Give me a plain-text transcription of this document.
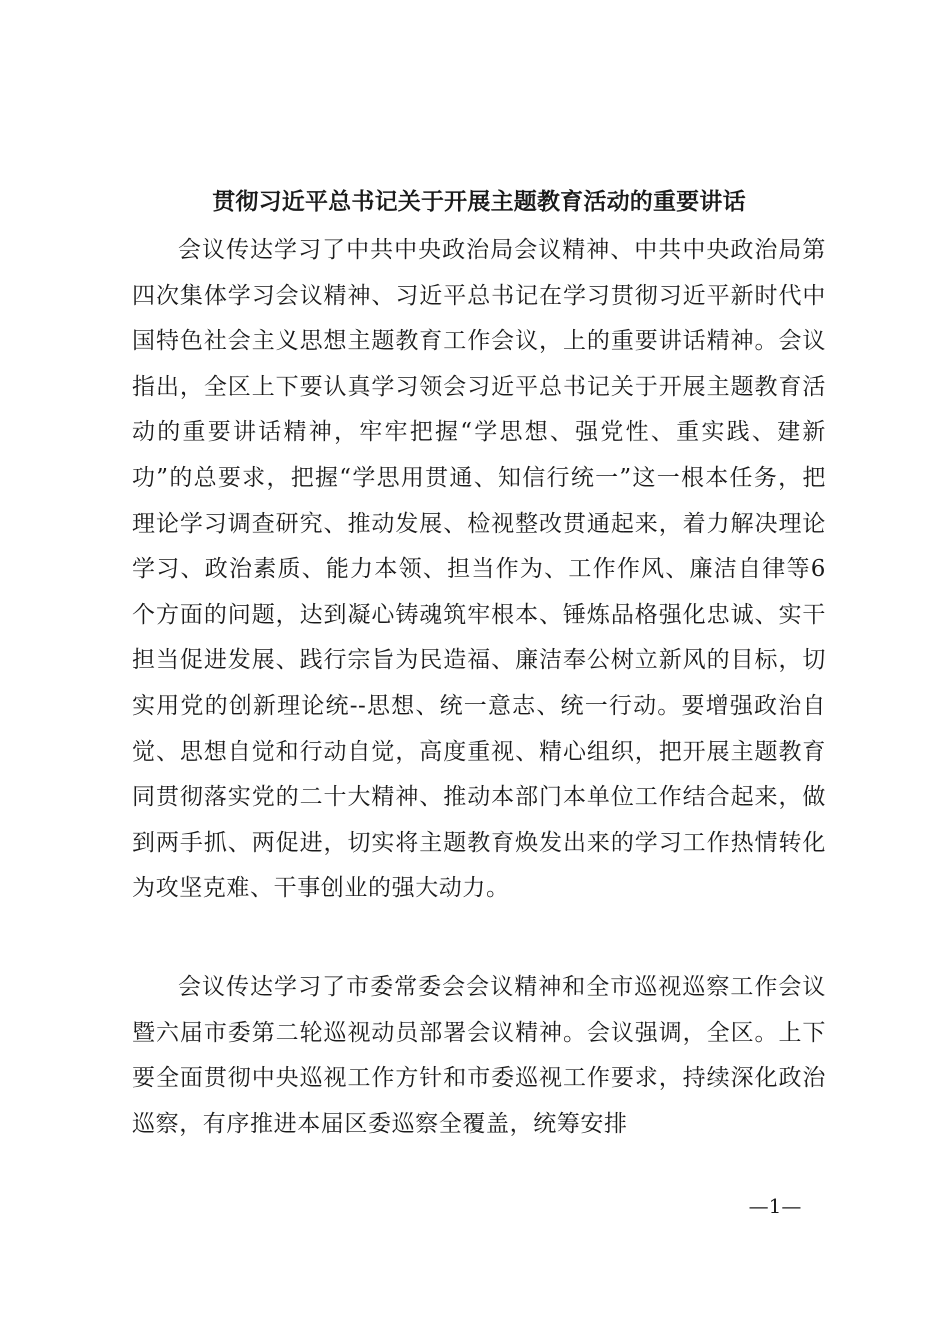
贯彻习近平总书记关于开展主题教育活动的重要讲话

会议传达学习了中共中央政治局会议精神、中共中央政治局第四次集体学习会议精神、习近平总书记在学习贯彻习近平新时代中国特色社会主义思想主题教育工作会议，上的重要讲话精神。会议指出，全区上下要认真学习领会习近平总书记关于开展主题教育活动的重要讲话精神，牢牢把握“学思想、强党性、重实践、建新功”的总要求，把握“学思用贯通、知信行统一”这一根本任务，把理论学习调查研究、推动发展、检视整改贯通起来，着力解决理论学习、政治素质、能力本领、担当作为、工作作风、廉洁自律等6个方面的问题，达到凝心铸魂筑牢根本、锤炼品格强化忠诚、实干担当促进发展、践行宗旨为民造福、廉洁奉公树立新风的目标，切实用党的创新理论统--思想、统一意志、统一行动。要增强政治自觉、思想自觉和行动自觉，高度重视、精心组织，把开展主题教育同贯彻落实党的二十大精神、推动本部门本单位工作结合起来，做到两手抓、两促进，切实将主题教育焕发出来的学习工作热情转化为攻坚克难、干事创业的强大动力。

会议传达学习了市委常委会会议精神和全市巡视巡察工作会议暨六届市委第二轮巡视动员部署会议精神。会议强调，全区。上下要全面贯彻中央巡视工作方针和市委巡视工作要求，持续深化政治巡察，有序推进本届区委巡察全覆盖，统筹安排

—1—
